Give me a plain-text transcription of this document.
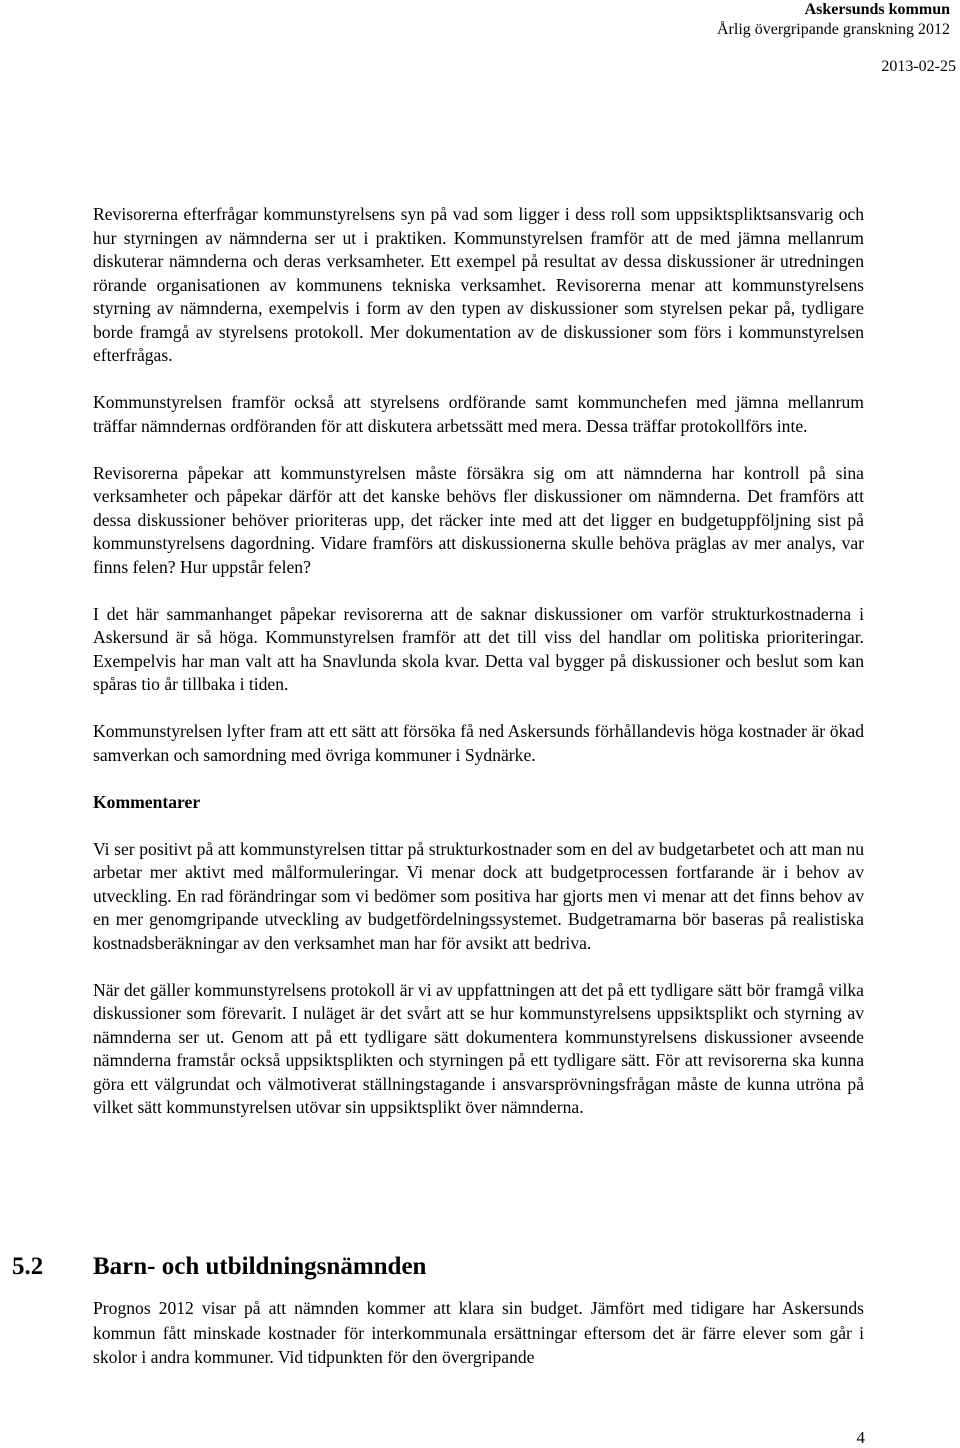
Askersunds kommun
Årlig övergripande granskning 2012
2013-02-25

Revisorerna efterfrågar kommunstyrelsens syn på vad som ligger i dess roll som uppsiktspliktsansvarig och hur styrningen av nämnderna ser ut i praktiken. Kommunstyrelsen framför att de med jämna mellanrum diskuterar nämnderna och deras verksamheter. Ett exempel på resultat av dessa diskussioner är utredningen rörande organisationen av kommunens tekniska verksamhet. Revisorerna menar att kommunstyrelsens styrning av nämnderna, exempelvis i form av den typen av diskussioner som styrelsen pekar på, tydligare borde framgå av styrelsens protokoll. Mer dokumentation av de diskussioner som förs i kommunstyrelsen efterfrågas.

Kommunstyrelsen framför också att styrelsens ordförande samt kommunchefen med jämna mellanrum träffar nämndernas ordföranden för att diskutera arbetssätt med mera. Dessa träffar protokollförs inte.

Revisorerna påpekar att kommunstyrelsen måste försäkra sig om att nämnderna har kontroll på sina verksamheter och påpekar därför att det kanske behövs fler diskussioner om nämnderna. Det framförs att dessa diskussioner behöver prioriteras upp, det räcker inte med att det ligger en budgetuppföljning sist på kommunstyrelsens dagordning. Vidare framförs att diskussionerna skulle behöva präglas av mer analys, var finns felen? Hur uppstår felen?

I det här sammanhanget påpekar revisorerna att de saknar diskussioner om varför strukturkostnaderna i Askersund är så höga. Kommunstyrelsen framför att det till viss del handlar om politiska prioriteringar. Exempelvis har man valt att ha Snavlunda skola kvar. Detta val bygger på diskussioner och beslut som kan spåras tio år tillbaka i tiden.

Kommunstyrelsen lyfter fram att ett sätt att försöka få ned Askersunds förhållandevis höga kostnader är ökad samverkan och samordning med övriga kommuner i Sydnärke.

Kommentarer

Vi ser positivt på att kommunstyrelsen tittar på strukturkostnader som en del av budgetarbetet och att man nu arbetar mer aktivt med målformuleringar. Vi menar dock att budgetprocessen fortfarande är i behov av utveckling. En rad förändringar som vi bedömer som positiva har gjorts men vi menar att det finns behov av en mer genomgripande utveckling av budgetfördelningssystemet. Budgetramarna bör baseras på realistiska kostnadsberäkningar av den verksamhet man har för avsikt att bedriva.

När det gäller kommunstyrelsens protokoll är vi av uppfattningen att det på ett tydligare sätt bör framgå vilka diskussioner som förevarit. I nuläget är det svårt att se hur kommunstyrelsens uppsiktsplikt och styrning av nämnderna ser ut. Genom att på ett tydligare sätt dokumentera kommunstyrelsens diskussioner avseende nämnderna framstår också uppsiktsplikten och styrningen på ett tydligare sätt. För att revisorerna ska kunna göra ett välgrundat och välmotiverat ställningstagande i ansvarsprövningsfrågan måste de kunna utröna på vilket sätt kommunstyrelsen utövar sin uppsiktsplikt över nämnderna.

5.2 Barn- och utbildningsnämnden

Prognos 2012 visar på att nämnden kommer att klara sin budget. Jämfört med tidigare har Askersunds kommun fått minskade kostnader för interkommunala ersättningar eftersom det är färre elever som går i skolor i andra kommuner. Vid tidpunkten för den övergripande

4
